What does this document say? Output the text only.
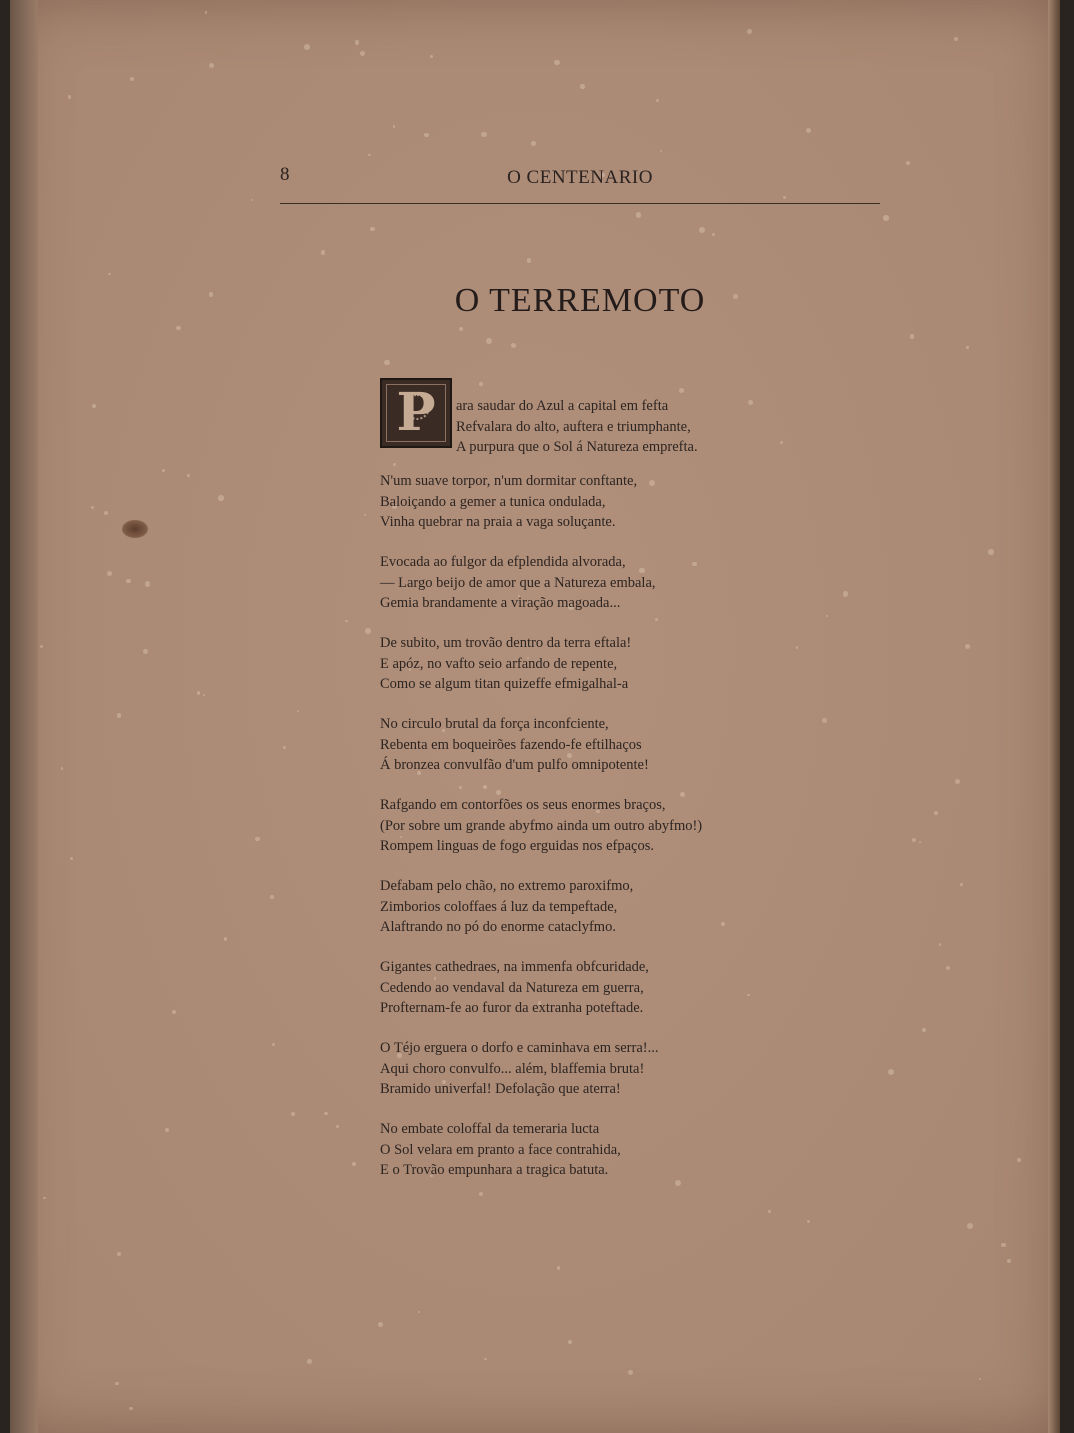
8	O CENTENARIO
O TERREMOTO
P	ara saudar do Azul a capital em fefta
Refvalara do alto, auftera e triumphante,
A purpura que o Sol á Natureza emprefta.
N'um suave torpor, n'um dormitar conftante,
Baloiçando a gemer a tunica ondulada,
Vinha quebrar na praia a vaga soluçante.
Evocada ao fulgor da efplendida alvorada,
— Largo beijo de amor que a Natureza embala,
Gemia brandamente a viração magoada...
De subito, um trovão dentro da terra eftala!
E apóz, no vafto seio arfando de repente,
Como se algum titan quizeffe efmigalhal-a
No circulo brutal da força inconfciente,
Rebenta em boqueirões fazendo-fe eftilhaços
Á bronzea convulfão d'um pulfo omnipotente!
Rafgando em contorfões os seus enormes braços,
(Por sobre um grande abyfmo ainda um outro abyfmo!)
Rompem linguas de fogo erguidas nos efpaços.
Defabam pelo chão, no extremo paroxifmo,
Zimborios coloffaes á luz da tempeftade,
Alaftrando no pó do enorme cataclyfmo.
Gigantes cathedraes, na immenfa obfcuridade,
Cedendo ao vendaval da Natureza em guerra,
Profternam-fe ao furor da extranha poteftade.
O Téjo erguera o dorfo e caminhava em serra!...
Aqui choro convulfo... além, blaffemia bruta!
Bramido univerfal! Defolação que aterra!
No embate coloffal da temeraria lucta
O Sol velara em pranto a face contrahida,
E o Trovão empunhara a tragica batuta.
